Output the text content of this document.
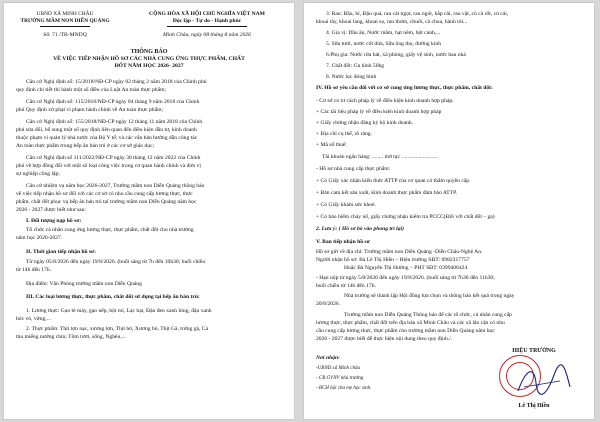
UBND XÃ MINH CHÂU
TRƯỜNG MẦM NON DIỄN QUẢNG
CỘNG HÒA XÃ HỘI CHỦ NGHĨA VIỆT NAM
Độc lập - Tự do - Hạnh phúc
Số: 71 /TB-MNDQ	Minh Châu, ngày 08 tháng 8 năm 2026
THÔNG BÁO
VỀ VIỆC TIẾP NHẬN HỒ SƠ CÁC NHÀ CUNG ỨNG THỰC PHẨM, CHẤT
ĐỐT NĂM HỌC 2026- 2027
Căn cứ Nghị định số: 15/2018/NĐ-CP ngày 02 tháng 2 năm 2018 của Chính phủ
quy định chi tiết thi hành một số điều của Luật An toàn thực phẩm;
Căn cứ Nghị định số: 115/2018/NĐ-CP ngày 04 tháng 9 năm 2018 của Chính
phủ Quy định xử phạt vi phạm hành chính về An toàn thực phẩm;
Căn cứ Nghị định số: 155/2018/NĐ-CP ngày 12 tháng 11 năm 2018 của Chính
phủ sửa đổi, bổ sung một số quy định liên quan đến điều kiện đầu tư, kinh doanh
thuộc phạm vi quản lý nhà nước của Bộ Y tế; và các văn bản hướng dẫn công tác
An toàn thực phẩm trong bếp ăn bán trú ở các cơ sở giáo dục;
Căn cứ Nghị định số 111/2022/NĐ-CP ngày 30 tháng 12 năm 2022 của Chính
phủ về hợp đồng đối với một số loại công việc trong cơ quan hành chính và đơn vị
sự nghiệp công lập;
Căn cứ nhiệm vụ năm học 2026-2027, Trường mầm non Diễn Quảng thông báo
về việc tiếp nhận hồ sơ đối với các cơ sở có nhu cầu cung cấp lương thực, thực
phẩm, chất đốt phục vụ bếp ăn bán trú tại trường mầm non Diễn Quảng năm học
2026 - 2027 được biết như sau:
I. Đối tượng nạp hồ sơ:
Tổ chức cá nhân cung ứng lương thực, thực phẩm, chất đốt cho nhà trường
năm học 2026-2027.
II. Thời gian tiếp nhận hồ sơ:
Từ ngày 05/8/2026 đến ngày 19/8/2026. (buổi sáng từ 7h đến 10h30; buổi chiều
từ 14h đến 17h.
Địa điểm: Văn Phòng trường mầm non Diễn Quảng
III. Các loại lương thực, thực phẩm, chất đốt sử dụng tại bếp ăn bán trú:
1. Lương thực: Gạo tẻ máy, gạo nếp, bột mì, Lạc hạt, Đậu đen xanh lòng, đậu xanh
bóc vỏ, vừng,...
2. Thực phẩm: Thịt lợn nạc, xương lợn, Thịt bò; Xương bò, Thịt Gà, trứng gà, Cá
thu miếng nướng chín; Tôm tươi, sống, Nghêu,...
3. Rau: Bầu, bí, Đậu quả, rau cải ngọt, rau ngót, bắp cải, rau vặt, củ cà rốt, củ cải,
khoai tây, khoai lang, khoai sọ, rau thơm, chuối, cà chua, hành tỏi...
4. Gia vị: Dầu ăn, Nước mắm, hạt nêm, bột canh,...
5. Sữa tươi, nước cốt dừa, Sữa ông thọ, đường kính
6.Phụ gia: Nước rửa bát, xà phòng, giấy vệ sinh, nước bau nhà
7. Chất đốt: Ga bình 50kg
8. Nước lọc đóng bình
IV. Hồ sơ yêu cầu đối với cơ sở cung ứng lương thực, thực phẩm, chất đốt:
- Cơ sở có tư cách pháp lý về điều kiện kinh doanh hợp pháp.
+ Các tài liệu pháp lý về điều kiện kinh doanh hợp pháp
+ Giấy chứng nhận đăng ký hộ kinh doanh.
+ Địa chỉ cụ thể, rõ ràng.
+ Mã số thuế:
Tài khoản ngân hàng: ........ mở tại: ..........................
- Hồ sơ nhà cung cấp thực phẩm:
+ Có Giấy xác nhận kiến thức ATTP của cơ quan có thẩm quyền cấp.
+ Bản cam kết sản xuất, kinh doanh thực phẩm đảm bảo ATTP.
+ Có Giấy khám sức khoẻ.
+ Có bảo hiểm cháy nổ, giấy chứng nhận kiểm tra PCCC(Đối với chất đốt – ga)
2. Lưu ý: ( Hồ sơ bỏ vào phong trì lại)
V. Ban tiếp nhận hồ sơ
Hồ sơ gửi về địa chỉ: Trường mầm non Diễn Quảng -Diễn Châu-Nghệ An.
Người nhận hồ sơ: Bà Lê Thị Hiền – Hiệu trưởng SĐT: 0982317757
Hoặc Bà Nguyễn Thị Hường – PHT SĐT: 0399406424
- Hạn nộp từ ngày 5/8/2026 đến ngày 19/8/2026. (buổi sáng từ 7h30 đến 11h30;
buổi chiều từ 14h đến 17h.
Nhà trường sẽ thành lập Hội đồng lựa chọn và thông báo kết quả trong ngày
20/8/2026.
Trường mầm non Diễn Quảng Thông báo để các tổ chức, cá nhân cung cấp
lương thực, thực phẩm, chất đốt trên địa bàn xã Minh Châu và các xã lân cận có nhu
cầu cung cấp lương thực, thực phẩm cho trường mầm non Diễn Quảng năm học
2026 - 2027 được biết để thực hiện nội dung theo quy định./.
HIỆU TRƯỞNG
Nơi nhận:
-UBND xã Minh châu
- CB GVNV nhà trường
- BCH hội cha mẹ học sinh.
Lê Thị Hiền
